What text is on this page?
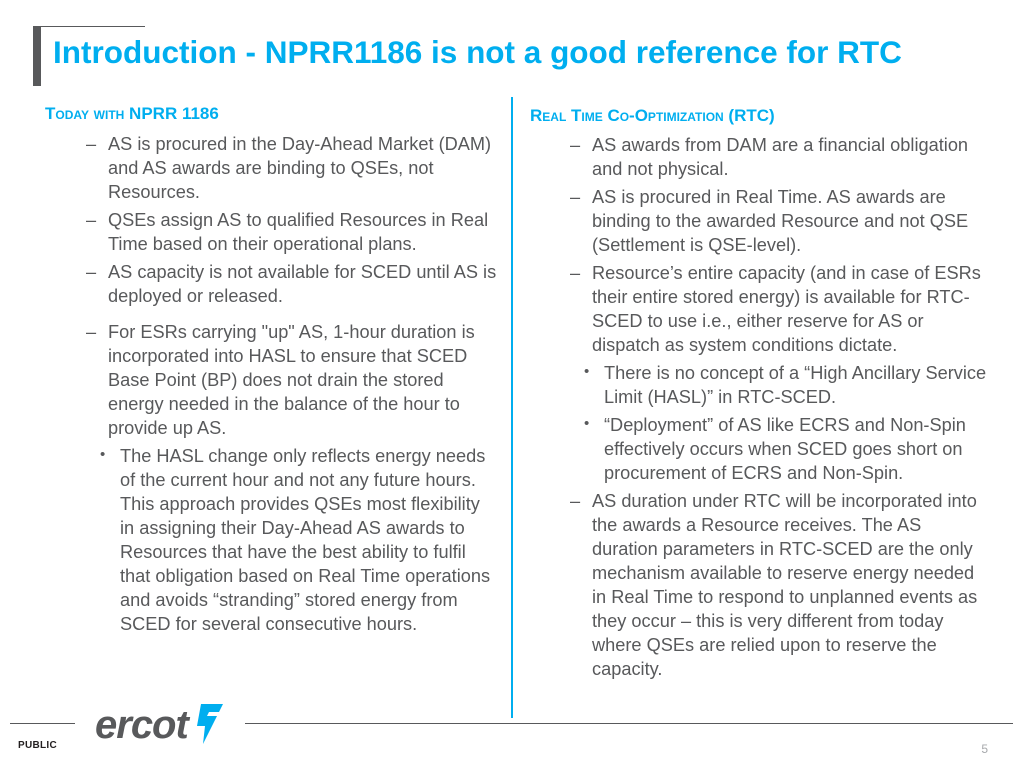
Introduction - NPRR1186 is not a good reference for RTC
Today with NPRR 1186
– AS is procured in the Day-Ahead Market (DAM) and AS awards are binding to QSEs, not Resources.
– QSEs assign AS to qualified Resources in Real Time based on their operational plans.
– AS capacity is not available for SCED until AS is deployed or released.
– For ESRs carrying "up" AS, 1-hour duration is incorporated into HASL to ensure that SCED Base Point (BP) does not drain the stored energy needed in the balance of the hour to provide up AS.
• The HASL change only reflects energy needs of the current hour and not any future hours. This approach provides QSEs most flexibility in assigning their Day-Ahead AS awards to Resources that have the best ability to fulfil that obligation based on Real Time operations and avoids “stranding” stored energy from SCED for several consecutive hours.
Real Time Co-Optimization (RTC)
– AS awards from DAM are a financial obligation and not physical.
– AS is procured in Real Time. AS awards are binding to the awarded Resource and not QSE (Settlement is QSE-level).
– Resource’s entire capacity (and in case of ESRs their entire stored energy) is available for RTC-SCED to use i.e., either reserve for AS or dispatch as system conditions dictate.
• There is no concept of a “High Ancillary Service Limit (HASL)” in RTC-SCED.
• “Deployment” of AS like ECRS and Non-Spin effectively occurs when SCED goes short on procurement of ECRS and Non-Spin.
– AS duration under RTC will be incorporated into the awards a Resource receives. The AS duration parameters in RTC-SCED are the only mechanism available to reserve energy needed in Real Time to respond to unplanned events as they occur – this is very different from today where QSEs are relied upon to reserve the capacity.
ercot

PUBLIC	5
